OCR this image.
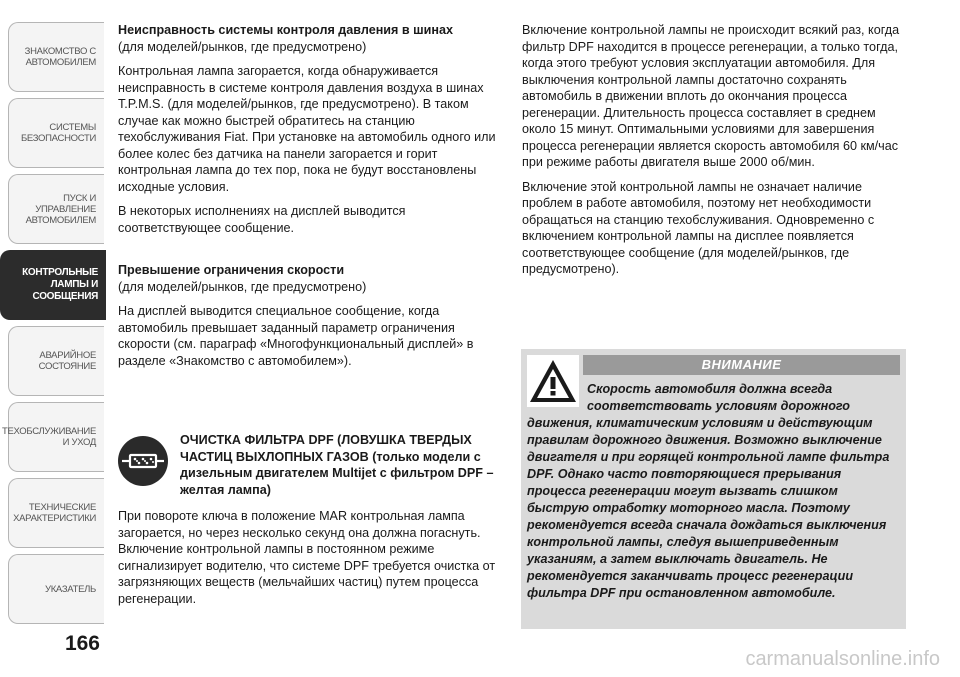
ЗНАКОМСТВО С
АВТОМОБИЛЕМ
СИСТЕМЫ
БЕЗОПАСНОСТИ
ПУСК И УПРАВЛЕНИЕ
АВТОМОБИЛЕМ
КОНТРОЛЬНЫЕ
ЛАМПЫ И
СООБЩЕНИЯ
АВАРИЙНОЕ
СОСТОЯНИЕ
ТЕХОБСЛУЖИВАНИЕ
И УХОД
ТЕХНИЧЕСКИЕ
ХАРАКТЕРИСТИКИ
УКАЗАТЕЛЬ
166
Неисправность системы контроля давления в шинах
(для моделей/рынков, где предусмотрено)

Контрольная лампа загорается, когда обнаруживается неисправность в системе контроля давления воздуха в шинах T.P.M.S. (для моделей/рынков, где предусмотрено). В таком случае как можно быстрей обратитесь на станцию техобслуживания Fiat. При установке на автомобиль одного или более колес без датчика на панели загорается и горит контрольная лампа до тех пор, пока не будут восстановлены исходные условия.

В некоторых исполнениях на дисплей выводится соответствующее сообщение.

Превышение ограничения скорости
(для моделей/рынков, где предусмотрено)

На дисплей выводится специальное сообщение, когда автомобиль превышает заданный параметр ограничения скорости (см. параграф «Многофункциональный дисплей» в разделе «Знакомство с автомобилем»).

ОЧИСТКА ФИЛЬТРА DPF (ЛОВУШКА ТВЕРДЫХ ЧАСТИЦ ВЫХЛОПНЫХ ГАЗОВ (только модели с дизельным двигателем Multijet с фильтром DPF – желтая лампа)

При повороте ключа в положение MAR контрольная лампа загорается, но через несколько секунд она должна погаснуть. Включение контрольной лампы в постоянном режиме сигнализирует водителю, что системе DPF требуется очистка от загрязняющих веществ (мельчайших частиц) путем процесса регенерации.

Включение контрольной лампы не происходит всякий раз, когда фильтр DPF находится в процессе регенерации, а только тогда, когда этого требуют условия эксплуатации автомобиля. Для выключения контрольной лампы достаточно сохранять автомобиль в движении вплоть до окончания процесса регенерации. Длительность процесса составляет в среднем около 15 минут. Оптимальными условиями для завершения процесса регенерации является скорость автомобиля 60 км/час при режиме работы двигателя выше 2000 об/мин.

Включение этой контрольной лампы не означает наличие проблем в работе автомобиля, поэтому нет необходимости обращаться на станцию техобслуживания. Одновременно с включением контрольной лампы на дисплее появляется соответствующее сообщение (для моделей/рынков, где предусмотрено).

ВНИМАНИЕ
Скорость автомобиля должна всегда соответствовать условиям дорожного
движения, климатическим условиям и действующим правилам дорожного движения. Возможно выключение двигателя и при горящей контрольной лампе фильтра DPF. Однако часто повторяющиеся прерывания процесса регенерации могут вызвать слишком быструю отработку моторного масла. Поэтому рекомендуется всегда сначала дождаться выключения контрольной лампы, следуя вышеприведенным указаниям, а затем выключать двигатель. Не рекомендуется заканчивать процесс регенерации фильтра DPF при остановленном автомобиле.
carmanualsonline.info
